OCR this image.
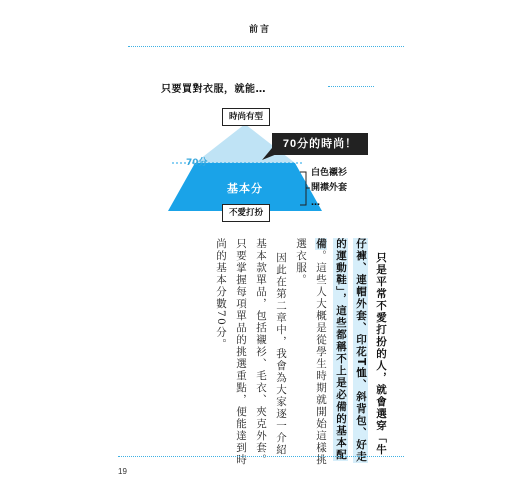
前言
只要買對衣服，就能…
時尚有型
70分
基本分
不愛打扮
70分的時尚！
白色襯衫
開襟外套
…
只是平常不愛打扮的人，就會選穿「牛
仔褲、連帽外套、印花T恤、斜背包、好走
的運動鞋」，這些都稱不上是必備的基本配
備。這些人大概是從學生時期就開始這樣挑
選衣服。
因此在第二章中，我會為大家逐一介紹
基本款單品，包括襯衫、毛衣、夾克外套。
只要掌握每項單品的挑選重點，便能達到時
尚的基本分數70分。
19
